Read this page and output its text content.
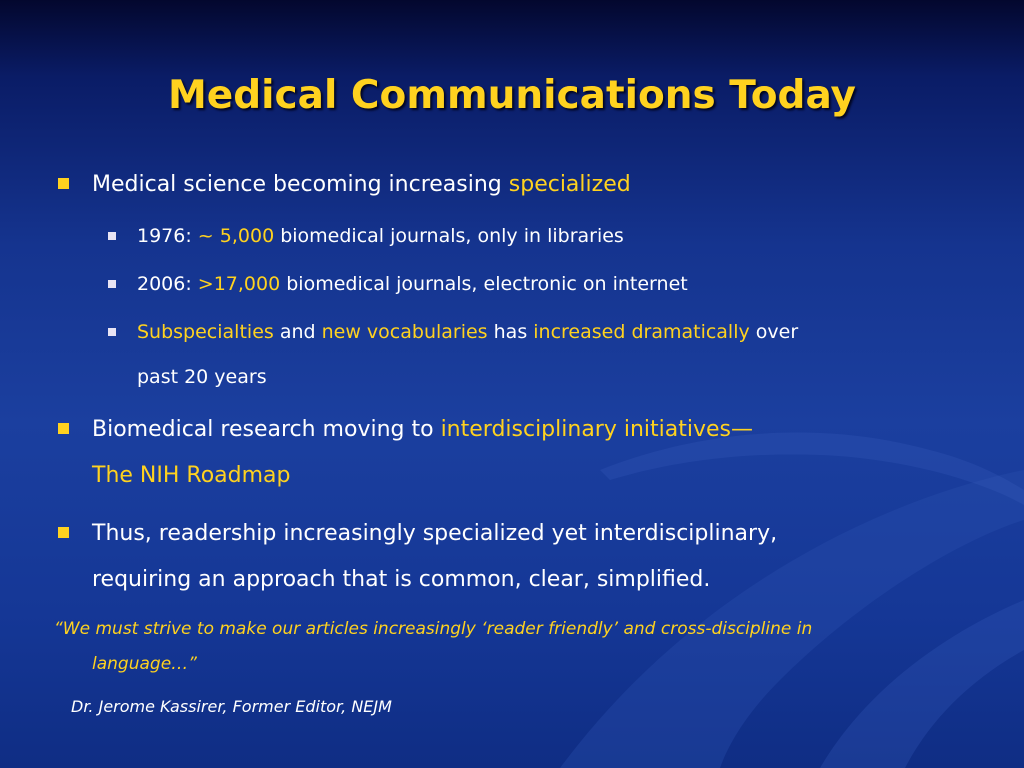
Medical Communications Today

Medical science becoming increasing specialized

1976: ~ 5,000 biomedical journals, only in libraries

2006: >17,000 biomedical journals, electronic on internet

Subspecialties and new vocabularies has increased dramatically over
past 20 years

Biomedical research moving to interdisciplinary initiatives—
The NIH Roadmap

Thus, readership increasingly specialized yet interdisciplinary,
requiring an approach that is common, clear, simplified.

“We must strive to make our articles increasingly ‘reader friendly’ and cross-discipline in
language…”

Dr. Jerome Kassirer, Former Editor, NEJM
